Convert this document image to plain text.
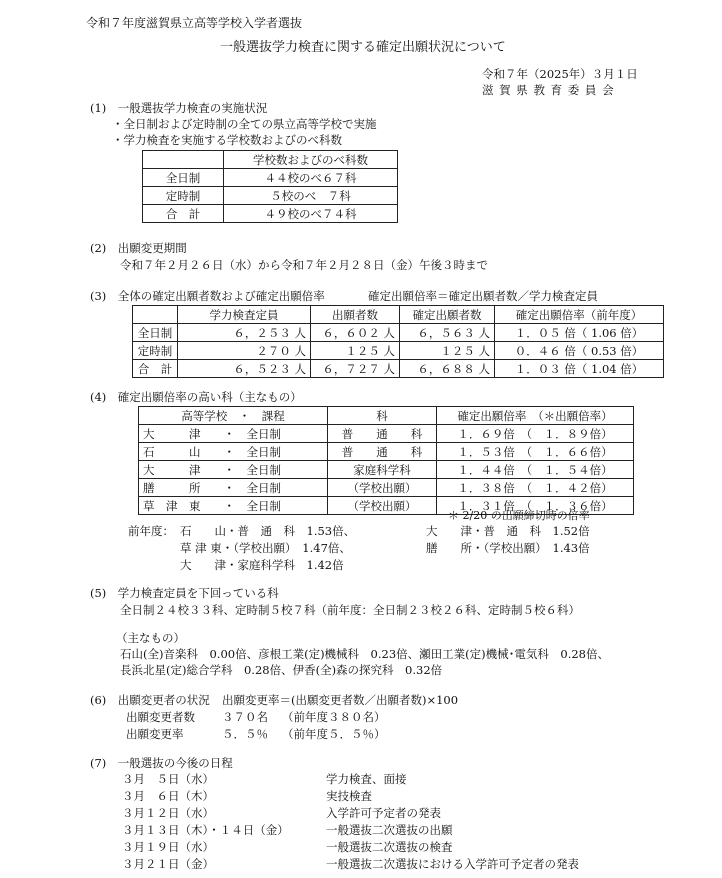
令和７年度滋賀県立高等学校入学者選抜
一般選抜学力検査に関する確定出願状況について
令和７年（2025年）３月１日
滋 賀 県 教 育 委 員 会
(1)　一般選抜学力検査の実施状況
・全日制および定時制の全ての県立高等学校で実施
・学力検査を実施する学校数およびのべ科数
	学校数およびのべ科数
全日制	４４校のべ６７科
定時制	５校のべ　７科
合　計	４９校のべ７４科
(2)　出願変更期間
令和７年２月２６日（水）から令和７年２月２８日（金）午後３時まで
(3)　全体の確定出願者数および確定出願倍率	確定出願倍率＝確定出願者数／学力検査定員
	学力検査定員	出願者数	確定出願者数	確定出願倍率（前年度）
全日制	６，２５３ 人	６，６０２ 人	６，５６３ 人	１．０５ 倍（ 1.06 倍）
定時制	２７０ 人	１２５ 人	１２５ 人	０．４６ 倍（ 0.53 倍）
合　計	６，５２３ 人	６，７２７ 人	６，６８８ 人	１．０３ 倍（ 1.04 倍）
(4)　確定出願倍率の高い科（主なもの）
高等学校　・　課程	科	確定出願倍率　（＊出願倍率）
大　　　津　　・　全日制	普　　通　　科	１．６９倍　（　１．８９倍）
石　　　山　　・　全日制	普　　通　　科	１．５３倍　（　１．６６倍）
大　　　津　　・　全日制	家庭科学科	１．４４倍　（　１．５４倍）
膳　　　所　　・　全日制	（学校出願）	１．３８倍　（　１．４２倍）
草　津　東　　・　全日制	（学校出願）	１．３１倍　（　１．３６倍）
＊ 2/20 の出願締切時の倍率
前年度： 石　　山・普　通　科　1.53倍、	大　　津・普　通　科　1.52倍
草 津 東・（学校出願）　1.47倍、	膳　　所・（学校出願）　1.43倍
大　　津・家庭科学科　1.42倍
(5)　学力検査定員を下回っている科
全日制２４校３３科、定時制５校７科（前年度：全日制２３校２６科、定時制５校６科）
（主なもの）
石山(全)音楽科　0.00倍、彦根工業(定)機械科　0.23倍、瀬田工業(定)機械･電気科　0.28倍、
長浜北星(定)総合学科　0.28倍、伊香(全)森の探究科　0.32倍
(6)　出願変更者の状況 出願変更率＝(出願変更者数／出願者数)×100
出願変更者数 ３７０名 （前年度３８０名）
出願変更率	５．５％ （前年度５．５％）
(7)　一般選抜の今後の日程
３月　５日（水）	学力検査、面接
３月　６日（木）	実技検査
３月１２日（水）	入学許可予定者の発表
３月１３日（木）・１４日（金）	一般選抜二次選抜の出願
３月１９日（水）	一般選抜二次選抜の検査
３月２１日（金）	一般選抜二次選抜における入学許可予定者の発表
